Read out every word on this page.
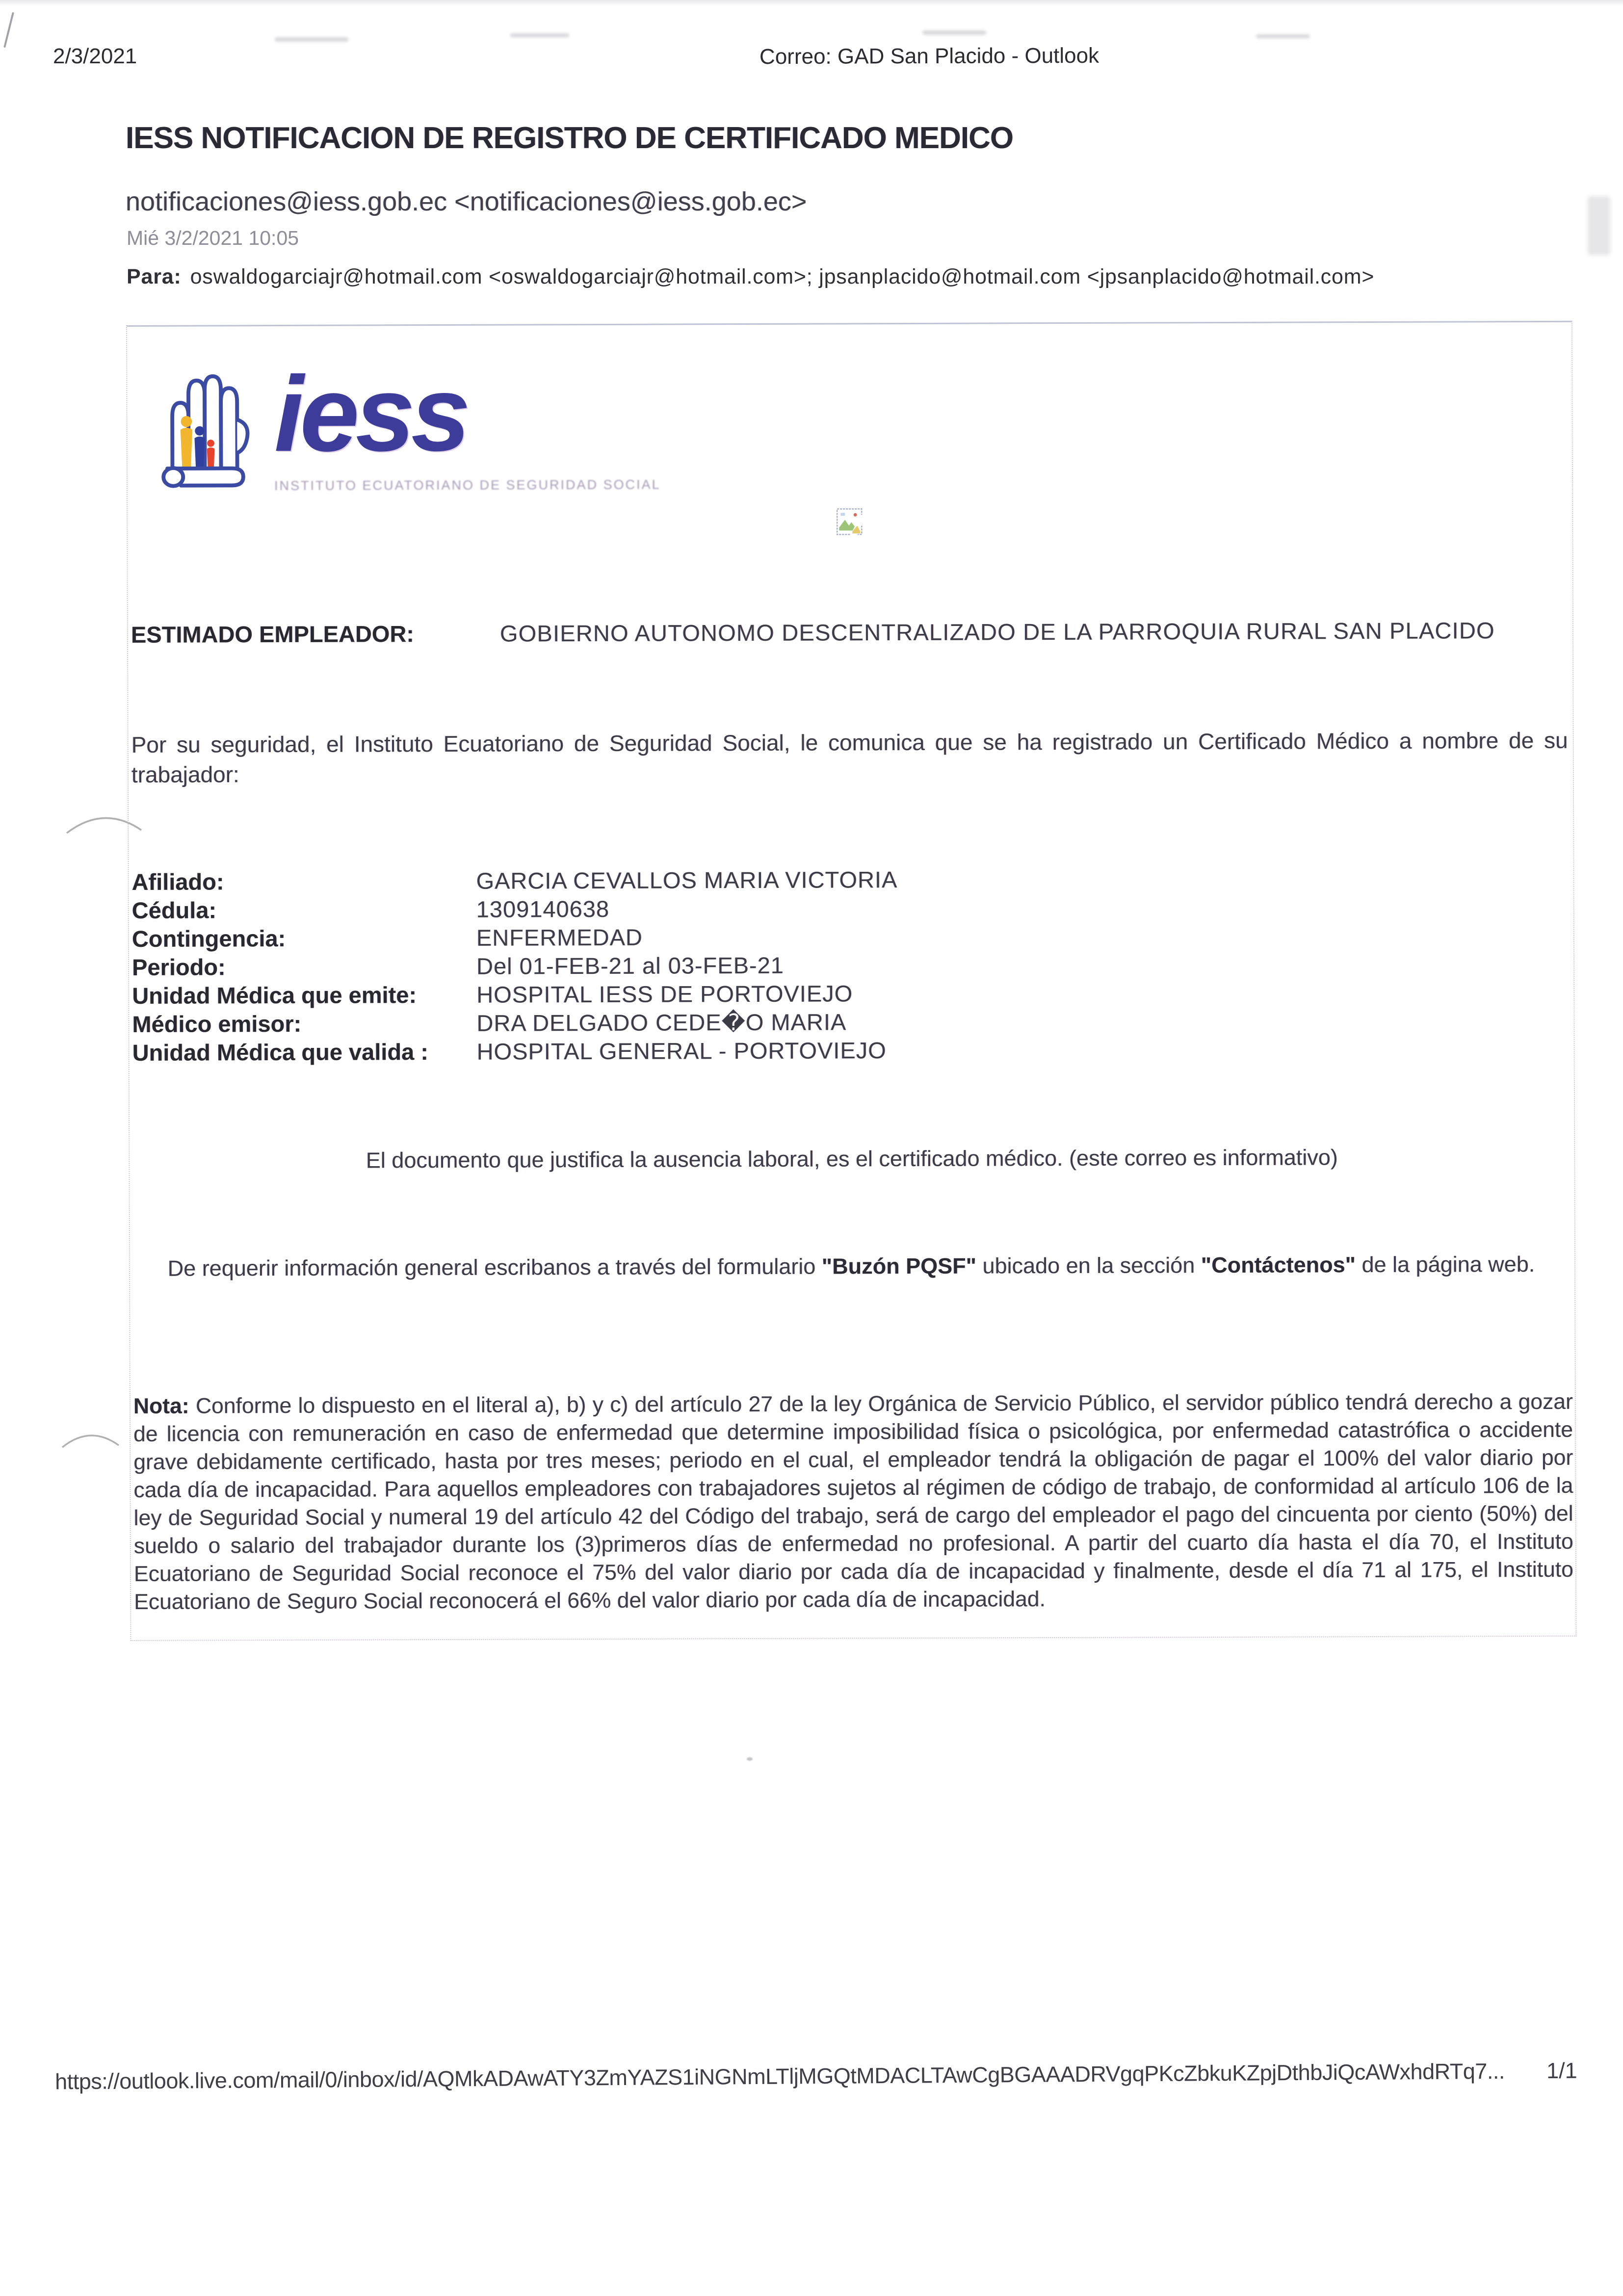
2/3/2021	Correo: GAD San Placido - Outlook
IESS NOTIFICACION DE REGISTRO DE CERTIFICADO MEDICO
notificaciones@iess.gob.ec <notificaciones@iess.gob.ec>
Mié 3/2/2021 10:05
Para: oswaldogarciajr@hotmail.com <oswaldogarciajr@hotmail.com>; jpsanplacido@hotmail.com <jpsanplacido@hotmail.com>
iess
INSTITUTO ECUATORIANO DE SEGURIDAD SOCIAL
ESTIMADO EMPLEADOR:	GOBIERNO AUTONOMO DESCENTRALIZADO DE LA PARROQUIA RURAL SAN PLACIDO
Por su seguridad, el Instituto Ecuatoriano de Seguridad Social, le comunica que se ha registrado un Certificado Médico a nombre de su trabajador:
Afiliado:	GARCIA CEVALLOS MARIA VICTORIA
Cédula:	1309140638
Contingencia:	ENFERMEDAD
Periodo:	Del 01-FEB-21 al 03-FEB-21
Unidad Médica que emite:	HOSPITAL IESS DE PORTOVIEJO
Médico emisor:	DRA DELGADO CEDE�O MARIA
Unidad Médica que valida :	HOSPITAL GENERAL - PORTOVIEJO
El documento que justifica la ausencia laboral, es el certificado médico. (este correo es informativo)
De requerir información general escribanos a través del formulario "Buzón PQSF" ubicado en la sección "Contáctenos" de la página web.
Nota: Conforme lo dispuesto en el literal a), b) y c) del artículo 27 de la ley Orgánica de Servicio Público, el servidor público tendrá derecho a gozar de licencia con remuneración en caso de enfermedad que determine imposibilidad física o psicológica, por enfermedad catastrófica o accidente grave debidamente certificado, hasta por tres meses; periodo en el cual, el empleador tendrá la obligación de pagar el 100% del valor diario por cada día de incapacidad. Para aquellos empleadores con trabajadores sujetos al régimen de código de trabajo, de conformidad al artículo 106 de la ley de Seguridad Social y numeral 19 del artículo 42 del Código del trabajo, será de cargo del empleador el pago del cincuenta por ciento (50%) del sueldo o salario del trabajador durante los (3)primeros días de enfermedad no profesional. A partir del cuarto día hasta el día 70, el Instituto Ecuatoriano de Seguridad Social reconoce el 75% del valor diario por cada día de incapacidad y finalmente, desde el día 71 al 175, el Instituto Ecuatoriano de Seguro Social reconocerá el 66% del valor diario por cada día de incapacidad.
https://outlook.live.com/mail/0/inbox/id/AQMkADAwATY3ZmYAZS1iNGNmLTljMGQtMDACLTAwCgBGAAADRVgqPKcZbkuKZpjDthbJiQcAWxhdRTq7... 1/1
